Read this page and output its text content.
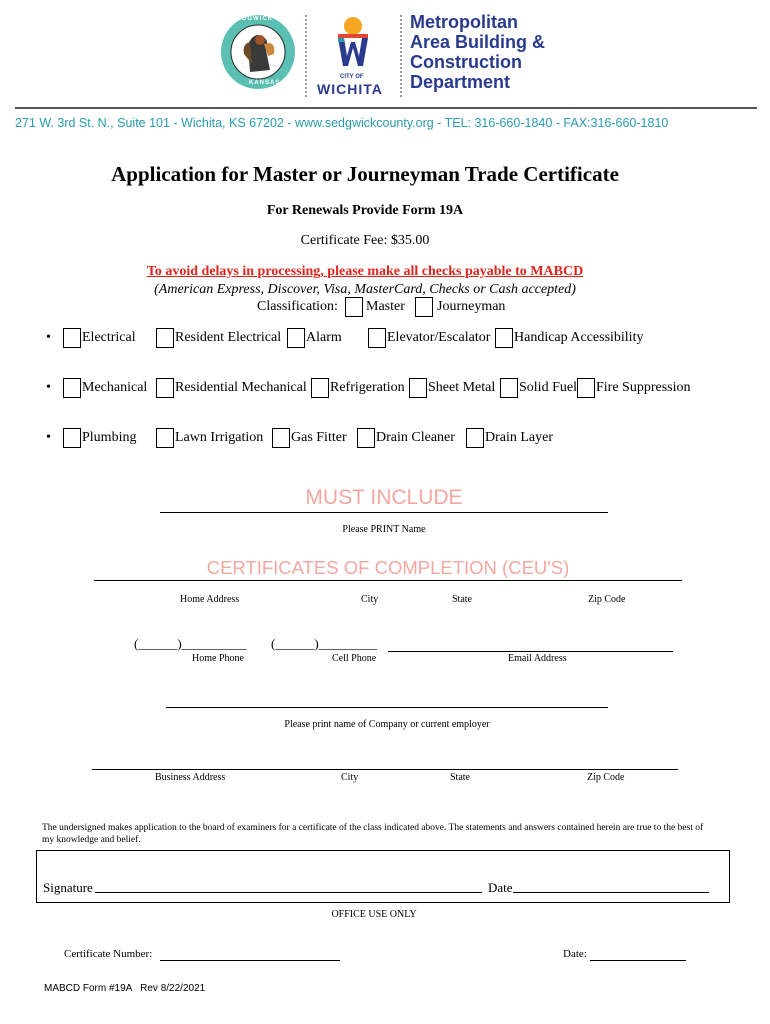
SEDGWICK COUNTY
KANSAS
CITY OF
WICHITA
Metropolitan
Area Building &
Construction
Department
271 W. 3rd St. N., Suite 101 - Wichita, KS 67202 - www.sedgwickcounty.org - TEL: 316-660-1840 - FAX:316-660-1810
Application for Master or Journeyman Trade Certificate
For Renewals Provide Form 19A
Certificate Fee: $35.00
To avoid delays in processing, please make all checks payable to MABCD
(American Express, Discover, Visa, MasterCard, Checks or Cash accepted)
Classification: Master Journeyman
• Electrical	Resident Electrical Alarm	Elevator/Escalator Handicap Accessibility
• Mechanical Residential Mechanical Refrigeration Sheet Metal Solid Fuel Fire Suppression
• Plumbing	Lawn Irrigation Gas Fitter Drain Cleaner Drain Layer
MUST INCLUDE
Please PRINT Name
CERTIFICATES OF COMPLETION (CEU'S)
Home Address	City	State	Zip Code
(______)__________
Home Phone
(______)_________
Cell Phone	Email Address
Please print name of Company or current employer
Business Address	City	State	Zip Code
The undersigned makes application to the board of examiners for a certificate of the class indicated above. The statements and answers contained herein are true to the best of my knowledge and belief.
Signature	Date
OFFICE USE ONLY
Certificate Number:	Date:
MABCD Form #19A   Rev 8/22/2021
